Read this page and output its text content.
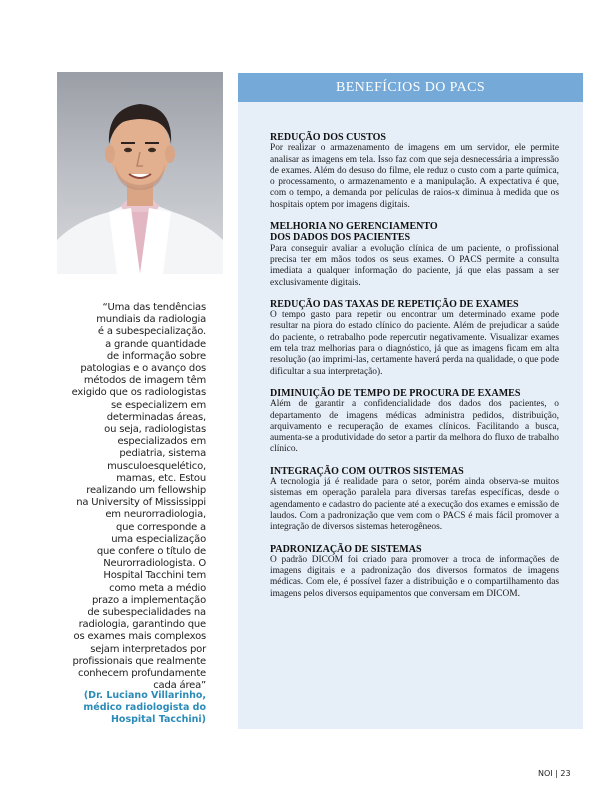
“Uma das tendências
mundiais da radiologia
é a subespecialização.
a grande quantidade
de informação sobre
patologias e o avanço dos
métodos de imagem têm
exigido que os radiologistas
se especializem em
determinadas áreas,
ou seja, radiologistas
especializados em
pediatria, sistema
musculoesquelético,
mamas, etc. Estou
realizando um fellowship
na University of Mississippi
em neurorradiologia,
que corresponde a
uma especialização
que confere o título de
Neurorradiologista. O
Hospital Tacchini tem
como meta a médio
prazo a implementação
de subespecialidades na
radiologia, garantindo que
os exames mais complexos
sejam interpretados por
profissionais que realmente
conhecem profundamente
cada área”
(Dr. Luciano Villarinho,
médico radiologista do
Hospital Tacchini)
BENEFÍCIOS DO PACS
REDUÇÃO DOS CUSTOS

Por realizar o armazenamento de imagens em um servidor, ele permite analisar as imagens em tela. Isso faz com que seja desnecessária a impressão de exames. Além do desuso do filme, ele reduz o custo com a parte química, o processamento, o armazenamento e a manipulação. A expectativa é que, com o tempo, a demanda por películas de raios-x diminua à medida que os hospitais optem por imagens digitais.

MELHORIA NO GERENCIAMENTO DOS DADOS DOS PACIENTES

Para conseguir avaliar a evolução clínica de um paciente, o profissional precisa ter em mãos todos os seus exames. O PACS permite a consulta imediata a qualquer informação do paciente, já que elas passam a ser exclusivamente digitais.

REDUÇÃO DAS TAXAS DE REPETIÇÃO DE EXAMES

O tempo gasto para repetir ou encontrar um determinado exame pode resultar na piora do estado clínico do paciente. Além de prejudicar a saúde do paciente, o retrabalho pode repercutir negativamente. Visualizar exames em tela traz melhorias para o diagnóstico, já que as imagens ficam em alta resolução (ao imprimi-las, certamente haverá perda na qualidade, o que pode dificultar a sua interpretação).

DIMINUIÇÃO DE TEMPO DE PROCURA DE EXAMES

Além de garantir a confidencialidade dos dados dos pacientes, o departamento de imagens médicas administra pedidos, distribuição, arquivamento e recuperação de exames clínicos. Facilitando a busca, aumenta-se a produtividade do setor a partir da melhora do fluxo de trabalho clínico.

INTEGRAÇÃO COM OUTROS SISTEMAS

A tecnologia já é realidade para o setor, porém ainda observa-se muitos sistemas em operação paralela para diversas tarefas específicas, desde o agendamento e cadastro do paciente até a execução dos exames e emissão de laudos. Com a padronização que vem com o PACS é mais fácil promover a integração de diversos sistemas heterogêneos.

PADRONIZAÇÃO DE SISTEMAS

O padrão DICOM foi criado para promover a troca de informações de imagens digitais e a padronização dos diversos formatos de imagens médicas. Com ele, é possível fazer a distribuição e o compartilhamento das imagens pelos diversos equipamentos que conversam em DICOM.

NOI | 23
